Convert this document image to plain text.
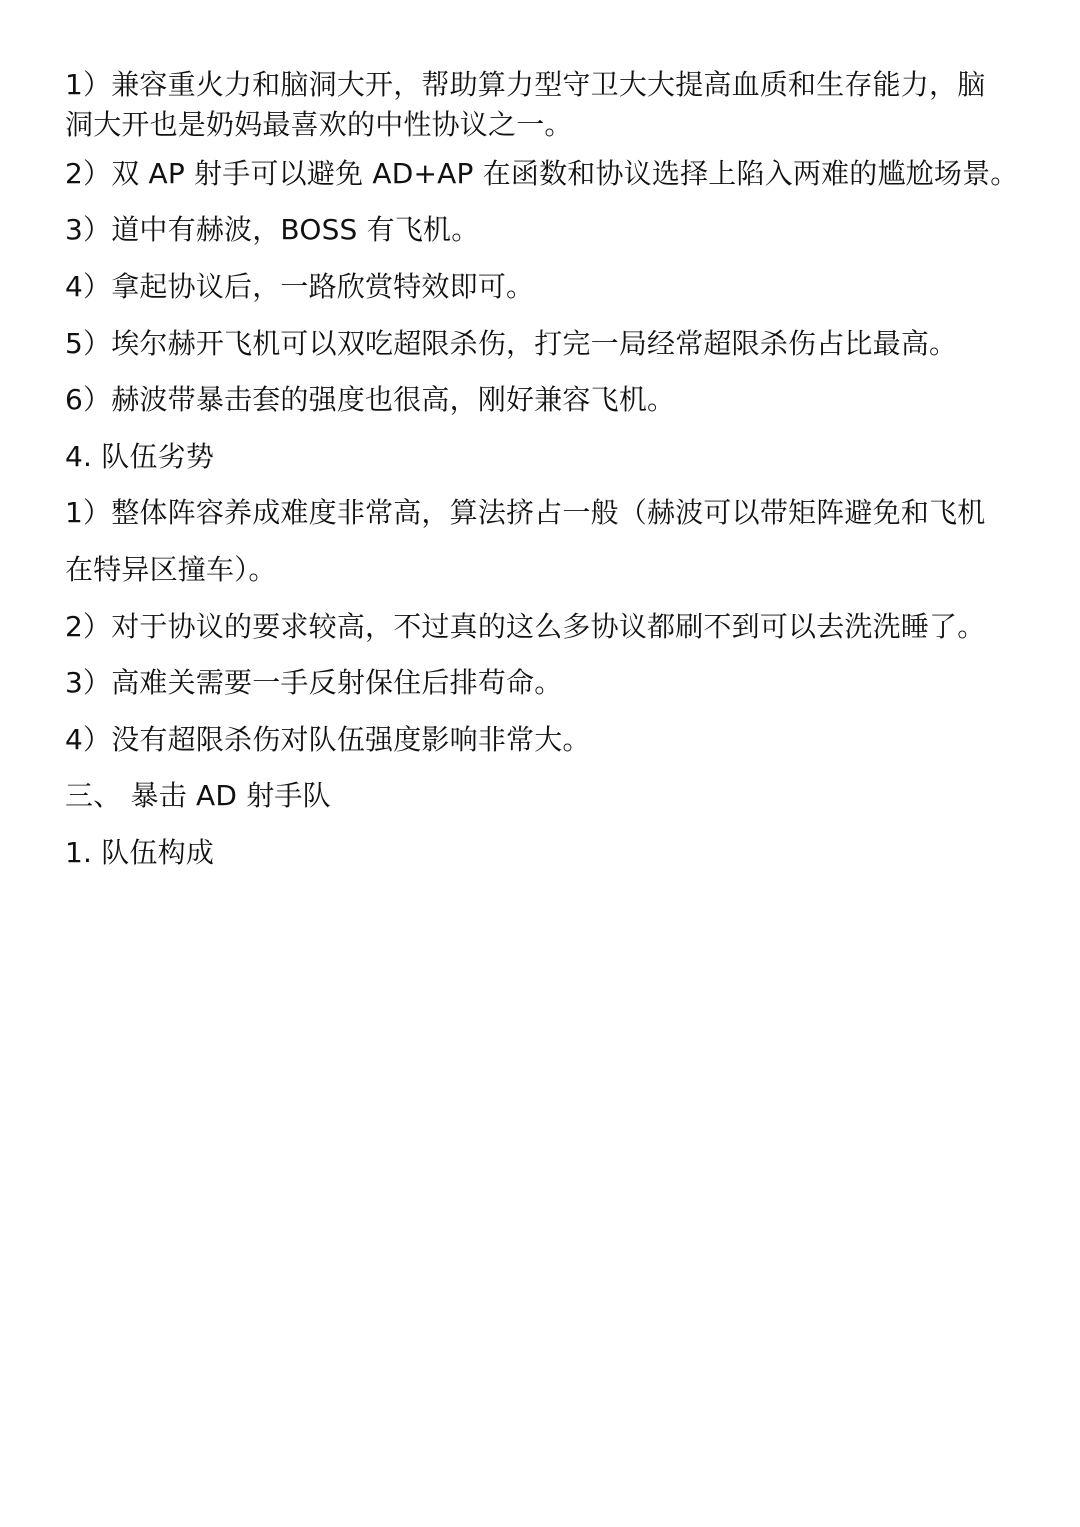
1）兼容重火力和脑洞大开，帮助算力型守卫大大提高血质和生存能力，脑
洞大开也是奶妈最喜欢的中性协议之一。
2）双 AP 射手可以避免 AD+AP 在函数和协议选择上陷入两难的尴尬场景。
3）道中有赫波，BOSS 有飞机。
4）拿起协议后，一路欣赏特效即可。
5）埃尔赫开飞机可以双吃超限杀伤，打完一局经常超限杀伤占比最高。
6）赫波带暴击套的强度也很高，刚好兼容飞机。
4. 队伍劣势
1）整体阵容养成难度非常高，算法挤占一般（赫波可以带矩阵避免和飞机
在特异区撞车）。
2）对于协议的要求较高，不过真的这么多协议都刷不到可以去洗洗睡了。
3）高难关需要一手反射保住后排苟命。
4）没有超限杀伤对队伍强度影响非常大。
三、 暴击 AD 射手队
1. 队伍构成
